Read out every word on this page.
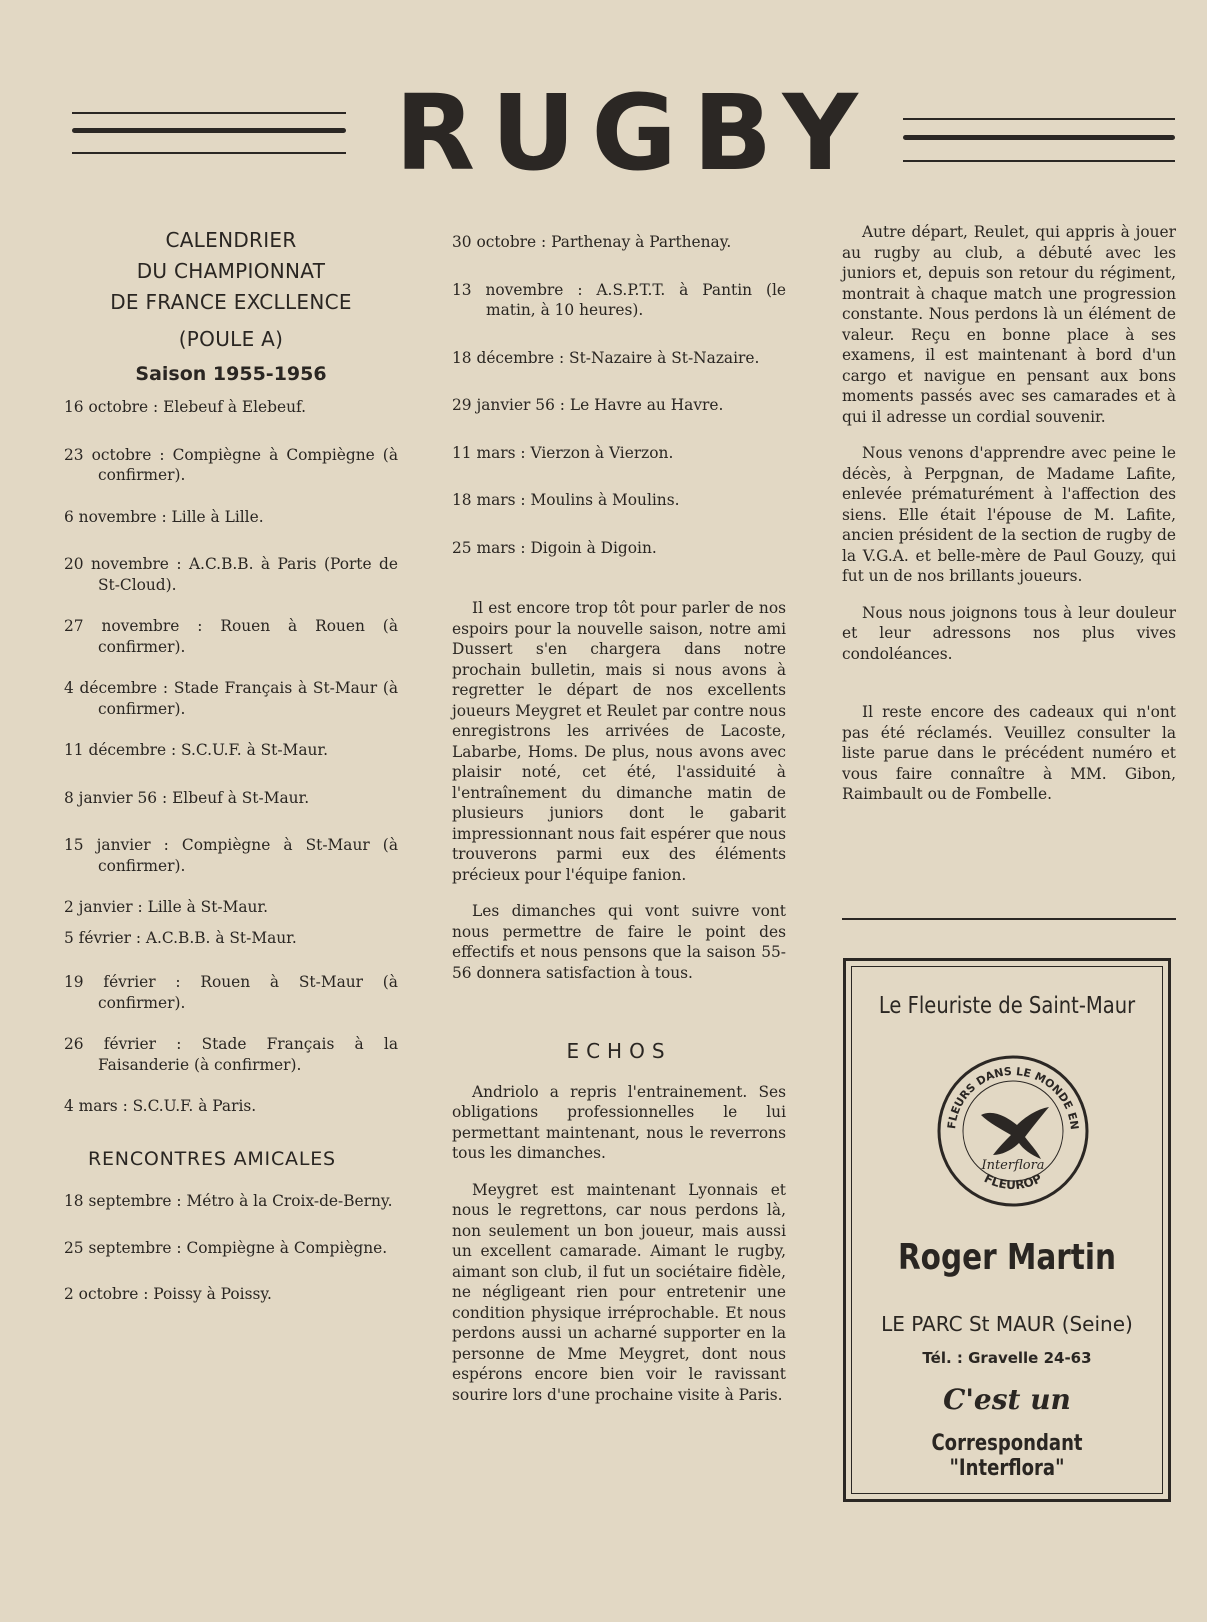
RUGBY
CALENDRIER
DU CHAMPIONNAT
DE FRANCE EXCLLENCE
(POULE A)
Saison 1955-1956
16 octobre : Elebeuf à Elebeuf.
23 octobre : Compiègne à Compiègne (à confirmer).
6 novembre : Lille à Lille.
20 novembre : A.C.B.B. à Paris (Porte de St-Cloud).
27 novembre : Rouen à Rouen (à confirmer).
4 décembre : Stade Français à St-Maur (à confirmer).
11 décembre : S.C.U.F. à St-Maur.
8 janvier 56 : Elbeuf à St-Maur.
15 janvier : Compiègne à St-Maur (à confirmer).
2 janvier : Lille à St-Maur.
5 février : A.C.B.B. à St-Maur.
19 février : Rouen à St-Maur (à confirmer).
26 février : Stade Français à la Faisanderie (à confirmer).
4 mars : S.C.U.F. à Paris.
RENCONTRES AMICALES
18 septembre : Métro à la Croix-de-Berny.
25 septembre : Compiègne à Compiègne.
2 octobre : Poissy à Poissy.
30 octobre : Parthenay à Parthenay.
13 novembre : A.S.P.T.T. à Pantin (le matin, à 10 heures).
18 décembre : St-Nazaire à St-Nazaire.
29 janvier 56 : Le Havre au Havre.
11 mars : Vierzon à Vierzon.
18 mars : Moulins à Moulins.
25 mars : Digoin à Digoin.

Il est encore trop tôt pour parler de nos espoirs pour la nouvelle saison, notre ami Dussert s'en chargera dans notre prochain bulletin, mais si nous avons à regretter le départ de nos excellents joueurs Meygret et Reulet par contre nous enregistrons les arrivées de Lacoste, Labarbe, Homs. De plus, nous avons avec plaisir noté, cet été, l'assiduité à l'entraînement du dimanche matin de plusieurs juniors dont le gabarit impressionnant nous fait espérer que nous trouverons parmi eux des éléments précieux pour l'équipe fanion.

Les dimanches qui vont suivre vont nous permettre de faire le point des effectifs et nous pensons que la saison 55-56 donnera satisfaction à tous.

ECHOS

Andriolo a repris l'entrainement. Ses obligations professionnelles le lui permettant maintenant, nous le reverrons tous les dimanches.

Meygret est maintenant Lyonnais et nous le regrettons, car nous perdons là, non seulement un bon joueur, mais aussi un excellent camarade. Aimant le rugby, aimant son club, il fut un sociétaire fidèle, ne négligeant rien pour entretenir une condition physique irréprochable. Et nous perdons aussi un acharné supporter en la personne de Mme Meygret, dont nous espérons encore bien voir le ravissant sourire lors d'une prochaine visite à Paris.

Autre départ, Reulet, qui appris à jouer au rugby au club, a débuté avec les juniors et, depuis son retour du régiment, montrait à chaque match une progression constante. Nous perdons là un élément de valeur. Reçu en bonne place à ses examens, il est maintenant à bord d'un cargo et navigue en pensant aux bons moments passés avec ses camarades et à qui il adresse un cordial souvenir.

Nous venons d'apprendre avec peine le décès, à Perpgnan, de Madame Lafite, enlevée prématurément à l'affection des siens. Elle était l'épouse de M. Lafite, ancien président de la section de rugby de la V.G.A. et belle-mère de Paul Gouzy, qui fut un de nos brillants joueurs.

Nous nous joignons tous à leur douleur et leur adressons nos plus vives condoléances.

Il reste encore des cadeaux qui n'ont pas été réclamés. Veuillez consulter la liste parue dans le précédent numéro et vous faire connaître à MM. Gibon, Raimbault ou de Fombelle.

Le Fleuriste de Saint-Maur
FLEURS DANS LE MONDE EN
FLEUROP
Interflora
Roger Martin
LE PARC St MAUR (Seine)
Tél. : Gravelle 24-63
C'est un
Correspondant "Interflora"
